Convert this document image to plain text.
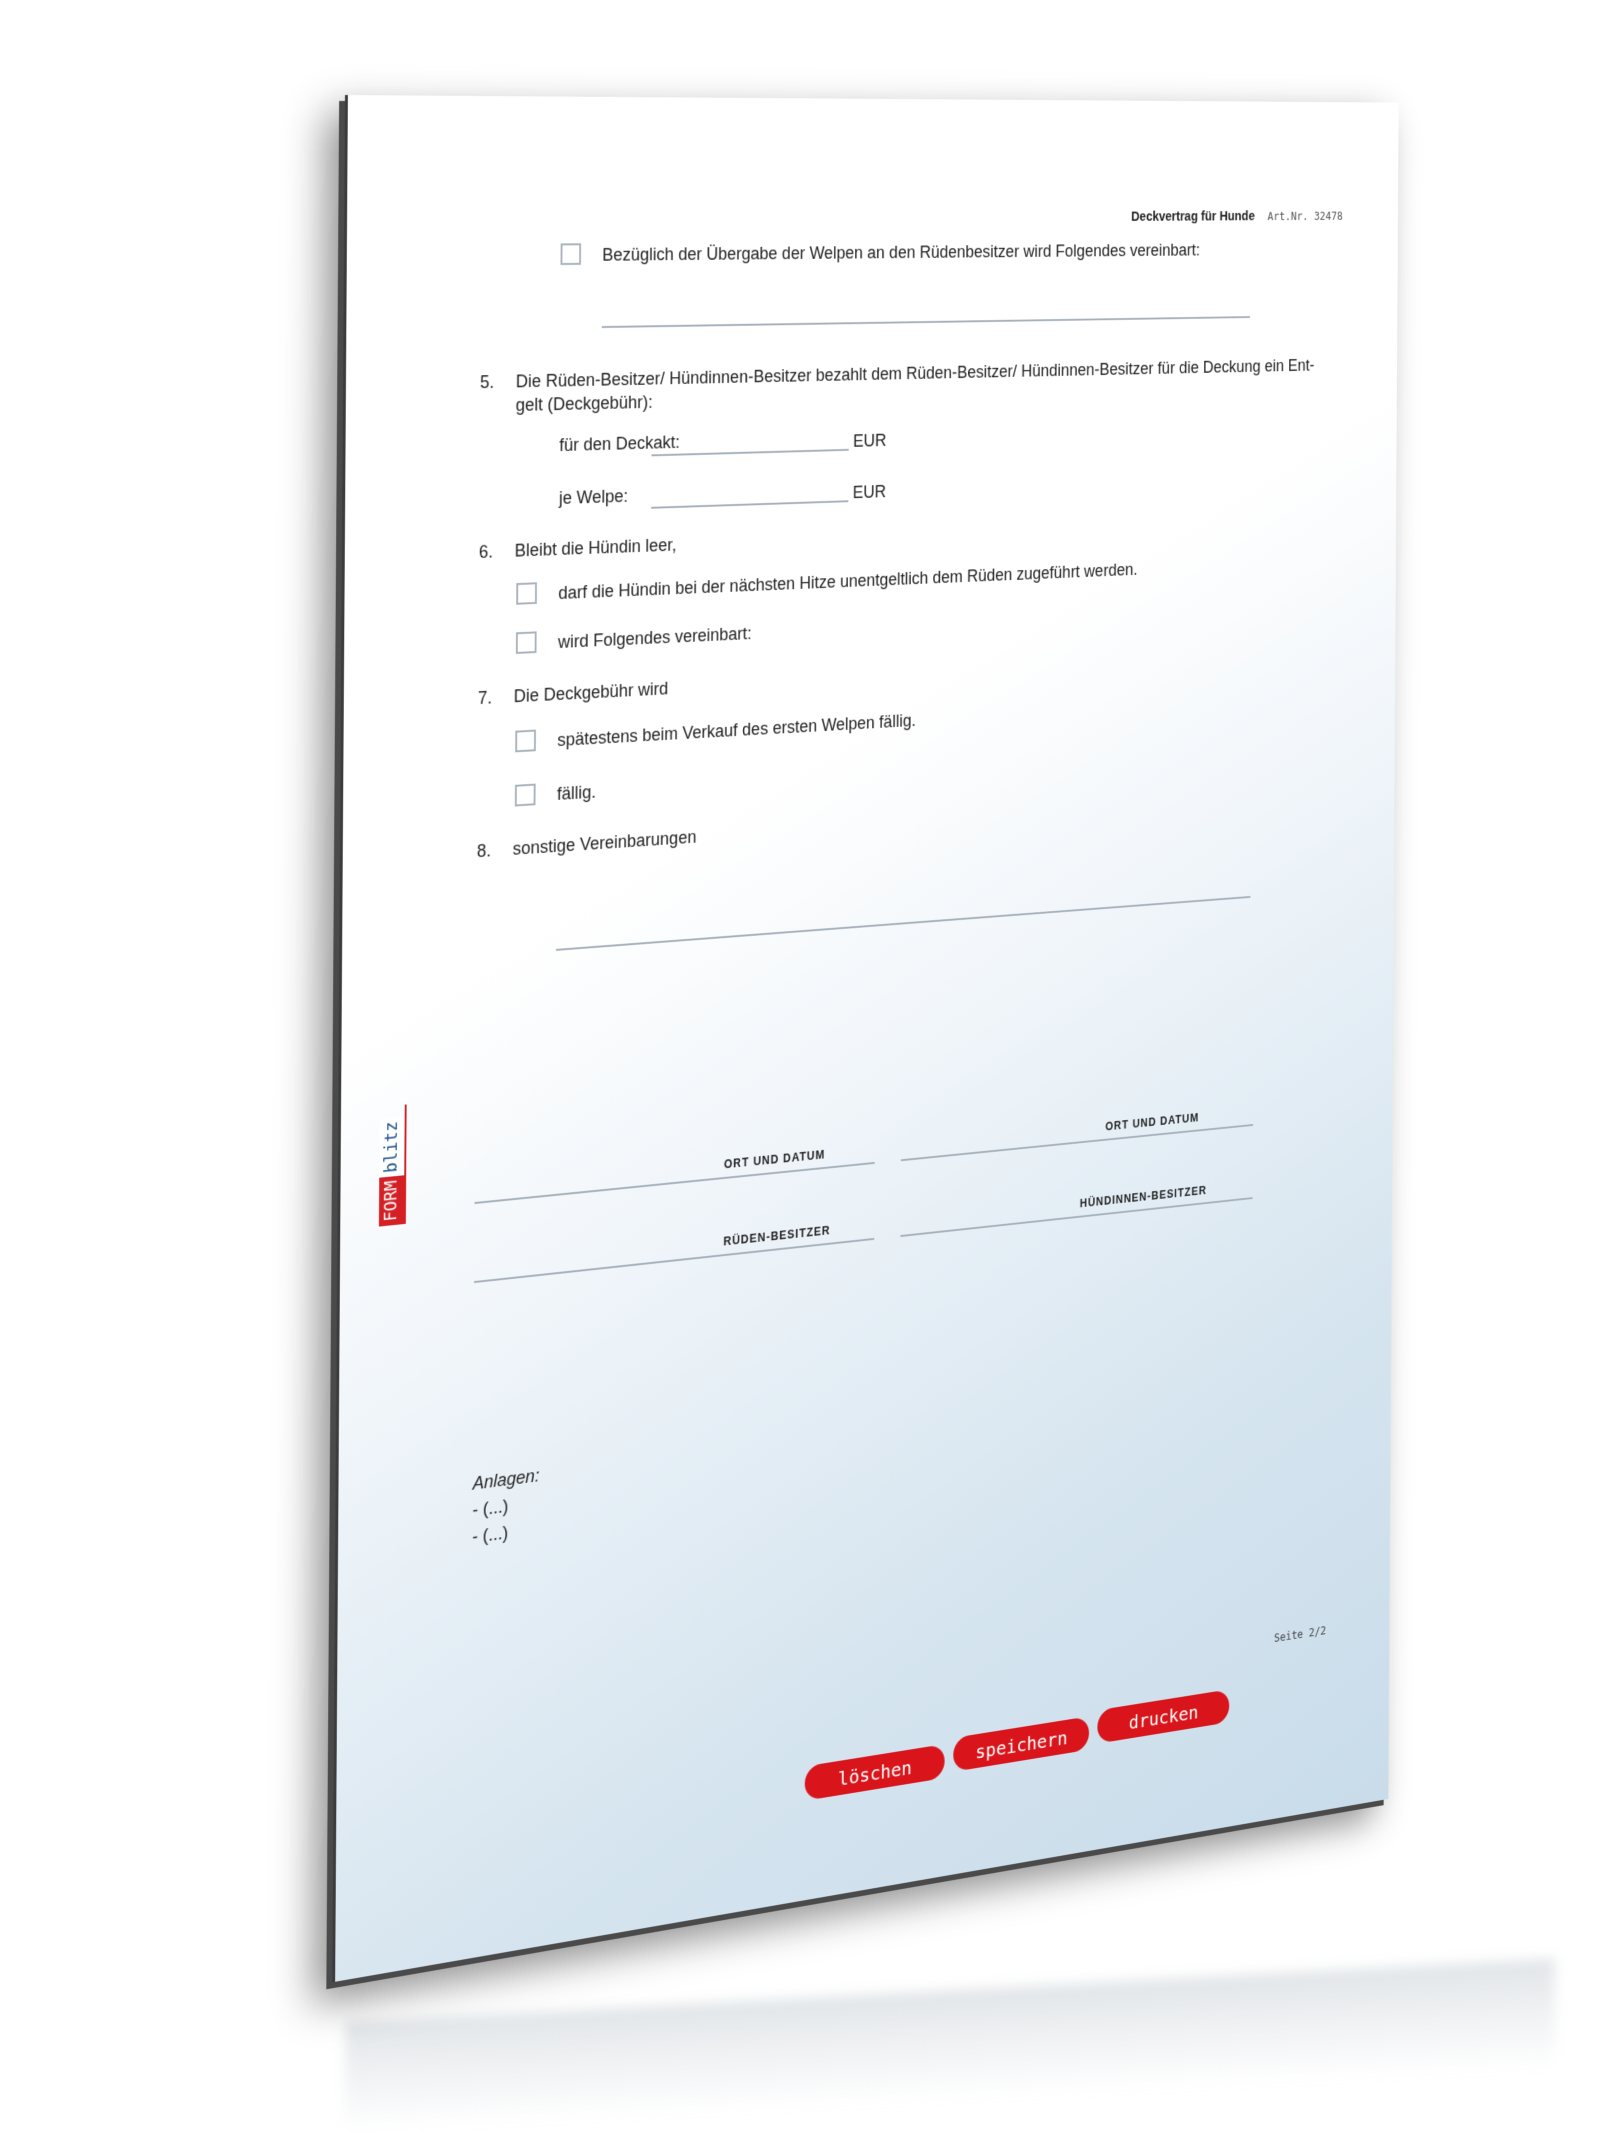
Deckvertrag für Hunde Art.Nr. 32478
Bezüglich der Übergabe der Welpen an den Rüdenbesitzer wird Folgendes vereinbart:
5. Die Rüden-Besitzer/ Hündinnen-Besitzer bezahlt dem Rüden-Besitzer/ Hündinnen-Besitzer für die Deckung ein Ent-
gelt (Deckgebühr):
für den Deckakt:	EUR
je Welpe:	EUR
6. Bleibt die Hündin leer,
darf die Hündin bei der nächsten Hitze unentgeltlich dem Rüden zugeführt werden.
wird Folgendes vereinbart:
7. Die Deckgebühr wird
spätestens beim Verkauf des ersten Welpen fällig.
fällig.
8. sonstige Vereinbarungen
FORM
blitz	ORT UND DATUM
ORT UND DATUM
RÜDEN-BESITZER
HÜNDINNEN-BESITZER
Anlagen:
- (...)
- (...)
Seite 2/2
löschen
speichern
drucken
